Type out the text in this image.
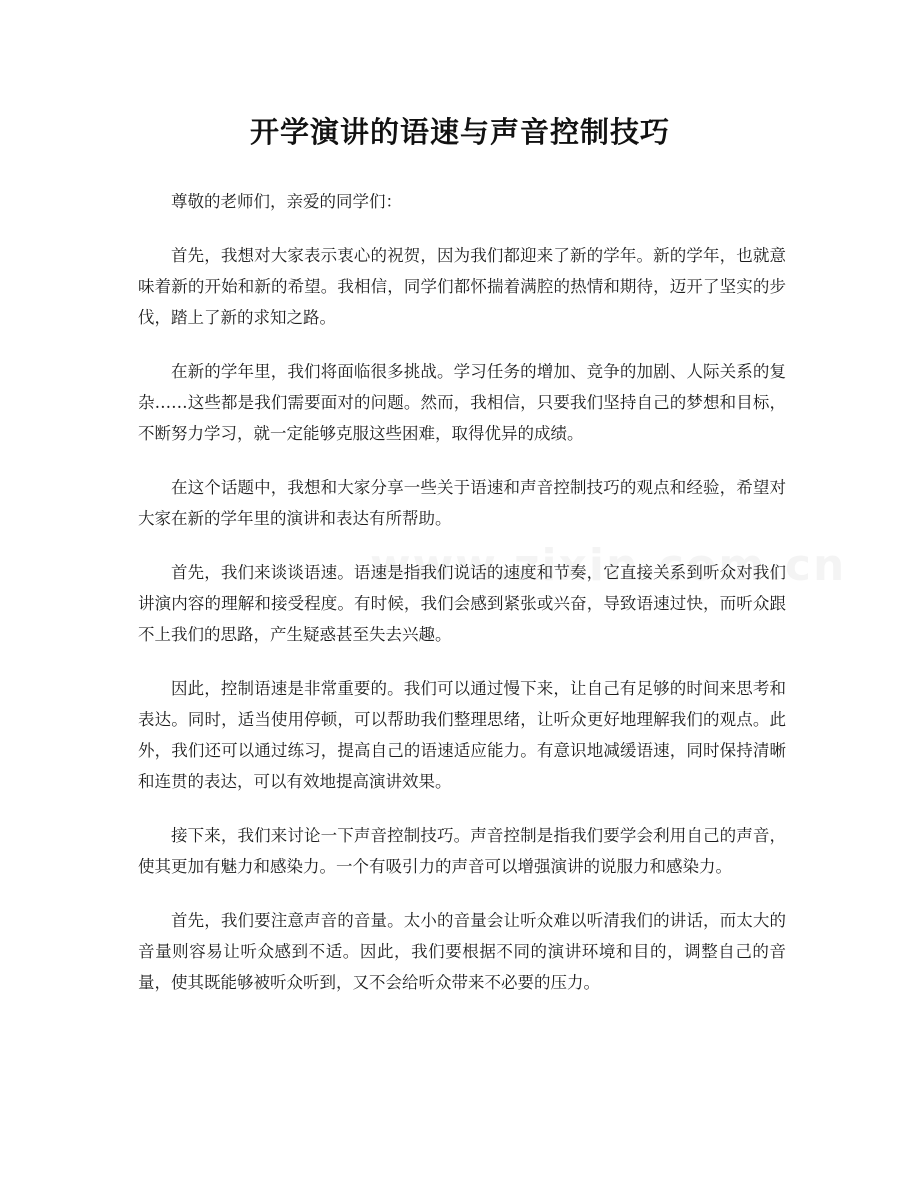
开学演讲的语速与声音控制技巧

尊敬的老师们，亲爱的同学们：

首先，我想对大家表示衷心的祝贺，因为我们都迎来了新的学年。新的学年，也就意味着新的开始和新的希望。我相信，同学们都怀揣着满腔的热情和期待，迈开了坚实的步伐，踏上了新的求知之路。

在新的学年里，我们将面临很多挑战。学习任务的增加、竞争的加剧、人际关系的复杂……这些都是我们需要面对的问题。然而，我相信，只要我们坚持自己的梦想和目标，不断努力学习，就一定能够克服这些困难，取得优异的成绩。

在这个话题中，我想和大家分享一些关于语速和声音控制技巧的观点和经验，希望对大家在新的学年里的演讲和表达有所帮助。

首先，我们来谈谈语速。语速是指我们说话的速度和节奏，它直接关系到听众对我们讲演内容的理解和接受程度。有时候，我们会感到紧张或兴奋，导致语速过快，而听众跟不上我们的思路，产生疑惑甚至失去兴趣。

因此，控制语速是非常重要的。我们可以通过慢下来，让自己有足够的时间来思考和表达。同时，适当使用停顿，可以帮助我们整理思绪，让听众更好地理解我们的观点。此外，我们还可以通过练习，提高自己的语速适应能力。有意识地减缓语速，同时保持清晰和连贯的表达，可以有效地提高演讲效果。

接下来，我们来讨论一下声音控制技巧。声音控制是指我们要学会利用自己的声音，使其更加有魅力和感染力。一个有吸引力的声音可以增强演讲的说服力和感染力。

首先，我们要注意声音的音量。太小的音量会让听众难以听清我们的讲话，而太大的音量则容易让听众感到不适。因此，我们要根据不同的演讲环境和目的，调整自己的音量，使其既能够被听众听到，又不会给听众带来不必要的压力。
